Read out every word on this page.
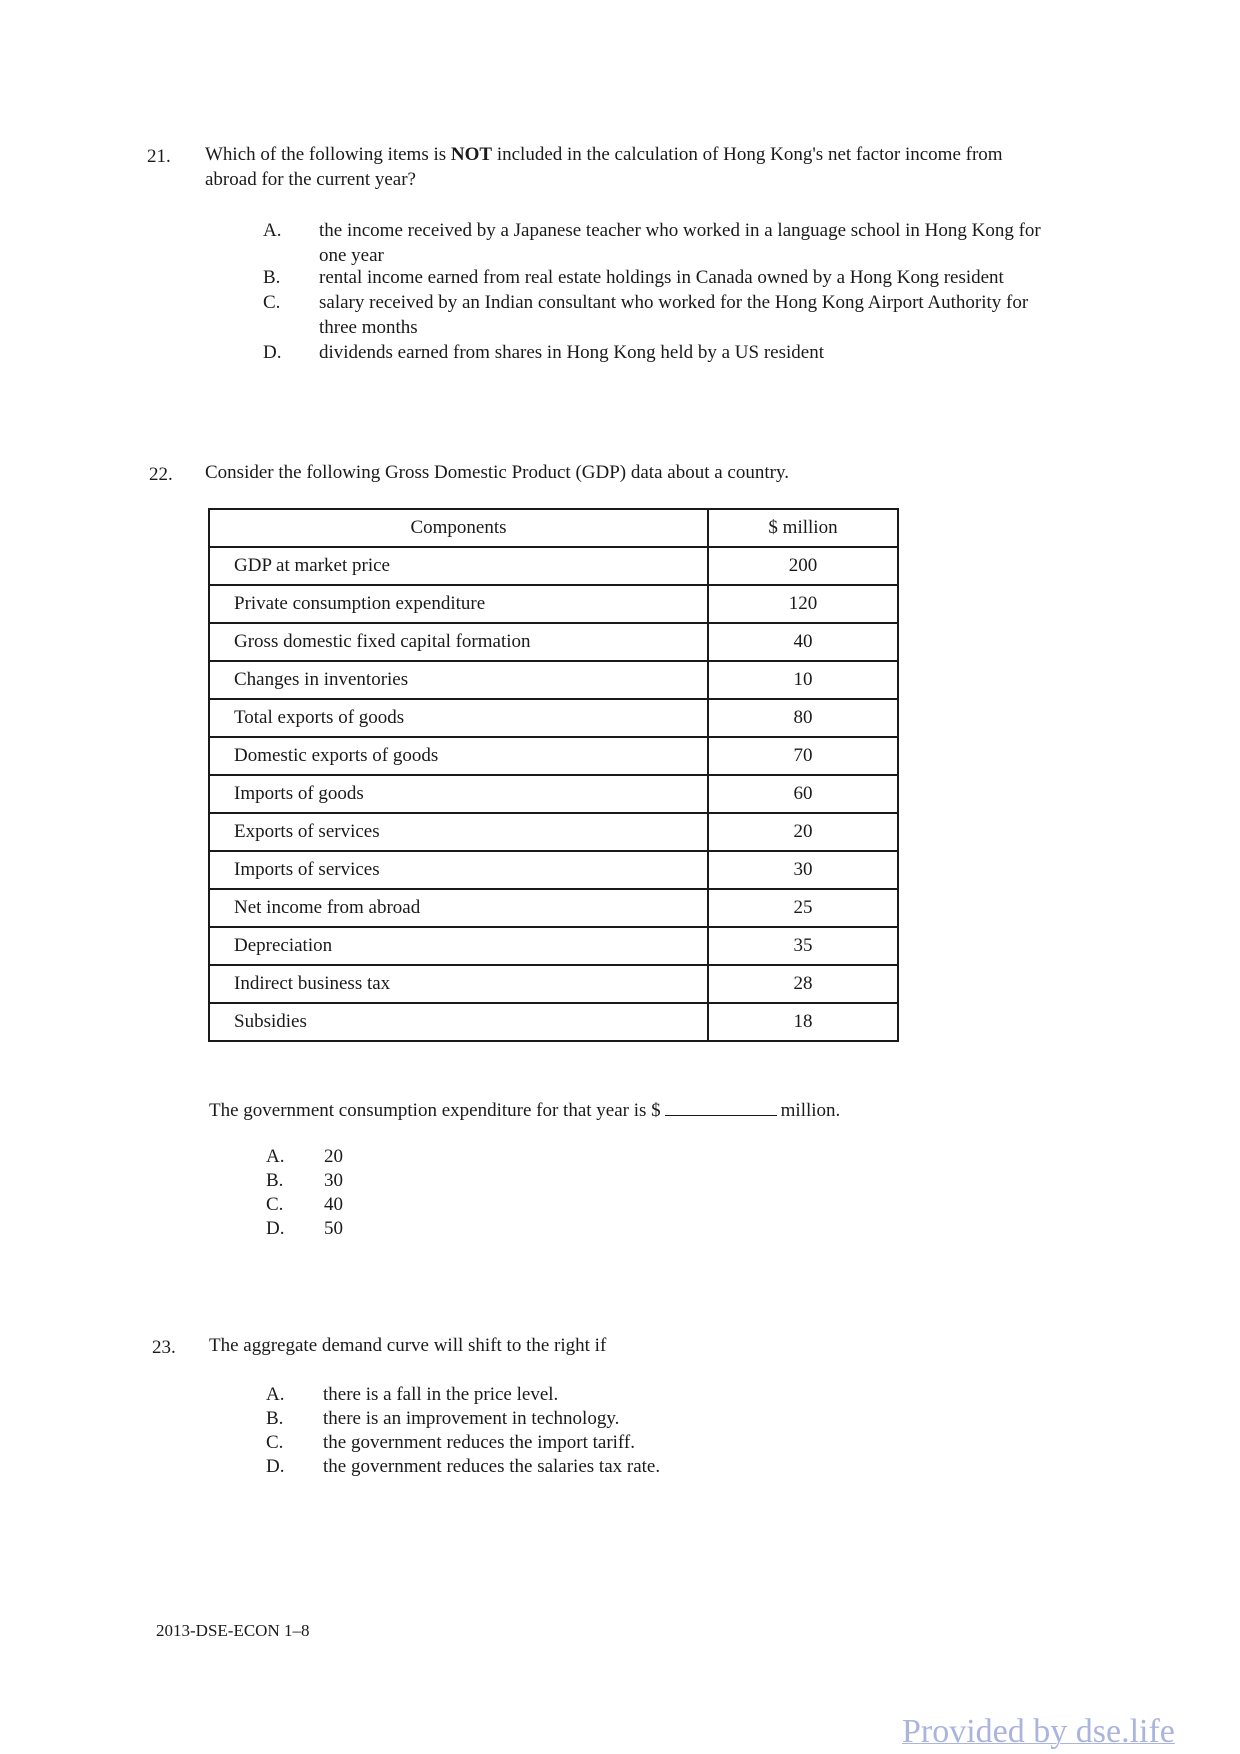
21. Which of the following items is NOT included in the calculation of Hong Kong's net factor income from
abroad for the current year?
A.	the income received by a Japanese teacher who worked in a language school in Hong Kong for
one year
B.	rental income earned from real estate holdings in Canada owned by a Hong Kong resident
C.	salary received by an Indian consultant who worked for the Hong Kong Airport Authority for
three months
D.	dividends earned from shares in Hong Kong held by a US resident
22. Consider the following Gross Domestic Product (GDP) data about a country.
Components	$ million
GDP at market price	200
Private consumption expenditure	120
Gross domestic fixed capital formation	40
Changes in inventories	10
Total exports of goods	80
Domestic exports of goods	70
Imports of goods	60
Exports of services	20
Imports of services	30
Net income from abroad	25
Depreciation	35
Indirect business tax	28
Subsidies	18
The government consumption expenditure for that year is $	million.
A.	20
B.	30
C.	40
D.	50
23. The aggregate demand curve will shift to the right if
A.	there is a fall in the price level.
B.	there is an improvement in technology.
C.	the government reduces the import tariff.
D.	the government reduces the salaries tax rate.
2013-DSE-ECON 1–8
Provided by dse.life
